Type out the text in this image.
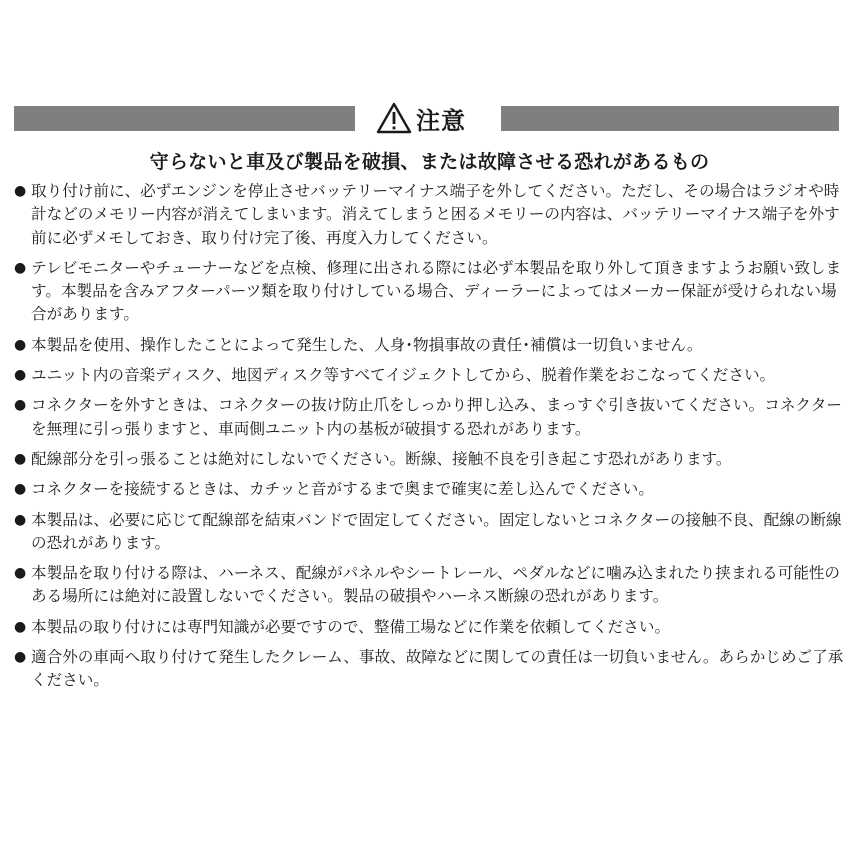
注意
守らないと車及び製品を破損、または故障させる恐れがあるもの
● 取り付け前に、必ずエンジンを停止させバッテリーマイナス端子を外してください。ただし、その場合はラジオや時計などのメモリー内容が消えてしまいます。消えてしまうと困るメモリーの内容は、バッテリーマイナス端子を外す前に必ずメモしておき、取り付け完了後、再度入力してください。
● テレビモニターやチューナーなどを点検、修理に出される際には必ず本製品を取り外して頂きますようお願い致します。本製品を含みアフターパーツ類を取り付けしている場合、ディーラーによってはメーカー保証が受けられない場合があります。
● 本製品を使用、操作したことによって発生した、人身･物損事故の責任･補償は一切負いません。
● ユニット内の音楽ディスク、地図ディスク等すべてイジェクトしてから、脱着作業をおこなってください。
● コネクターを外すときは、コネクターの抜け防止爪をしっかり押し込み、まっすぐ引き抜いてください。コネクターを無理に引っ張りますと、車両側ユニット内の基板が破損する恐れがあります。
● 配線部分を引っ張ることは絶対にしないでください。断線、接触不良を引き起こす恐れがあります。
● コネクターを接続するときは、カチッと音がするまで奥まで確実に差し込んでください。
● 本製品は、必要に応じて配線部を結束バンドで固定してください。固定しないとコネクターの接触不良、配線の断線の恐れがあります。
● 本製品を取り付ける際は、ハーネス、配線がパネルやシートレール、ペダルなどに噛み込まれたり挟まれる可能性のある場所には絶対に設置しないでください。製品の破損やハーネス断線の恐れがあります。
● 本製品の取り付けには専門知識が必要ですので、整備工場などに作業を依頼してください。
● 適合外の車両へ取り付けて発生したクレーム、事故、故障などに関しての責任は一切負いません。あらかじめご了承ください。
